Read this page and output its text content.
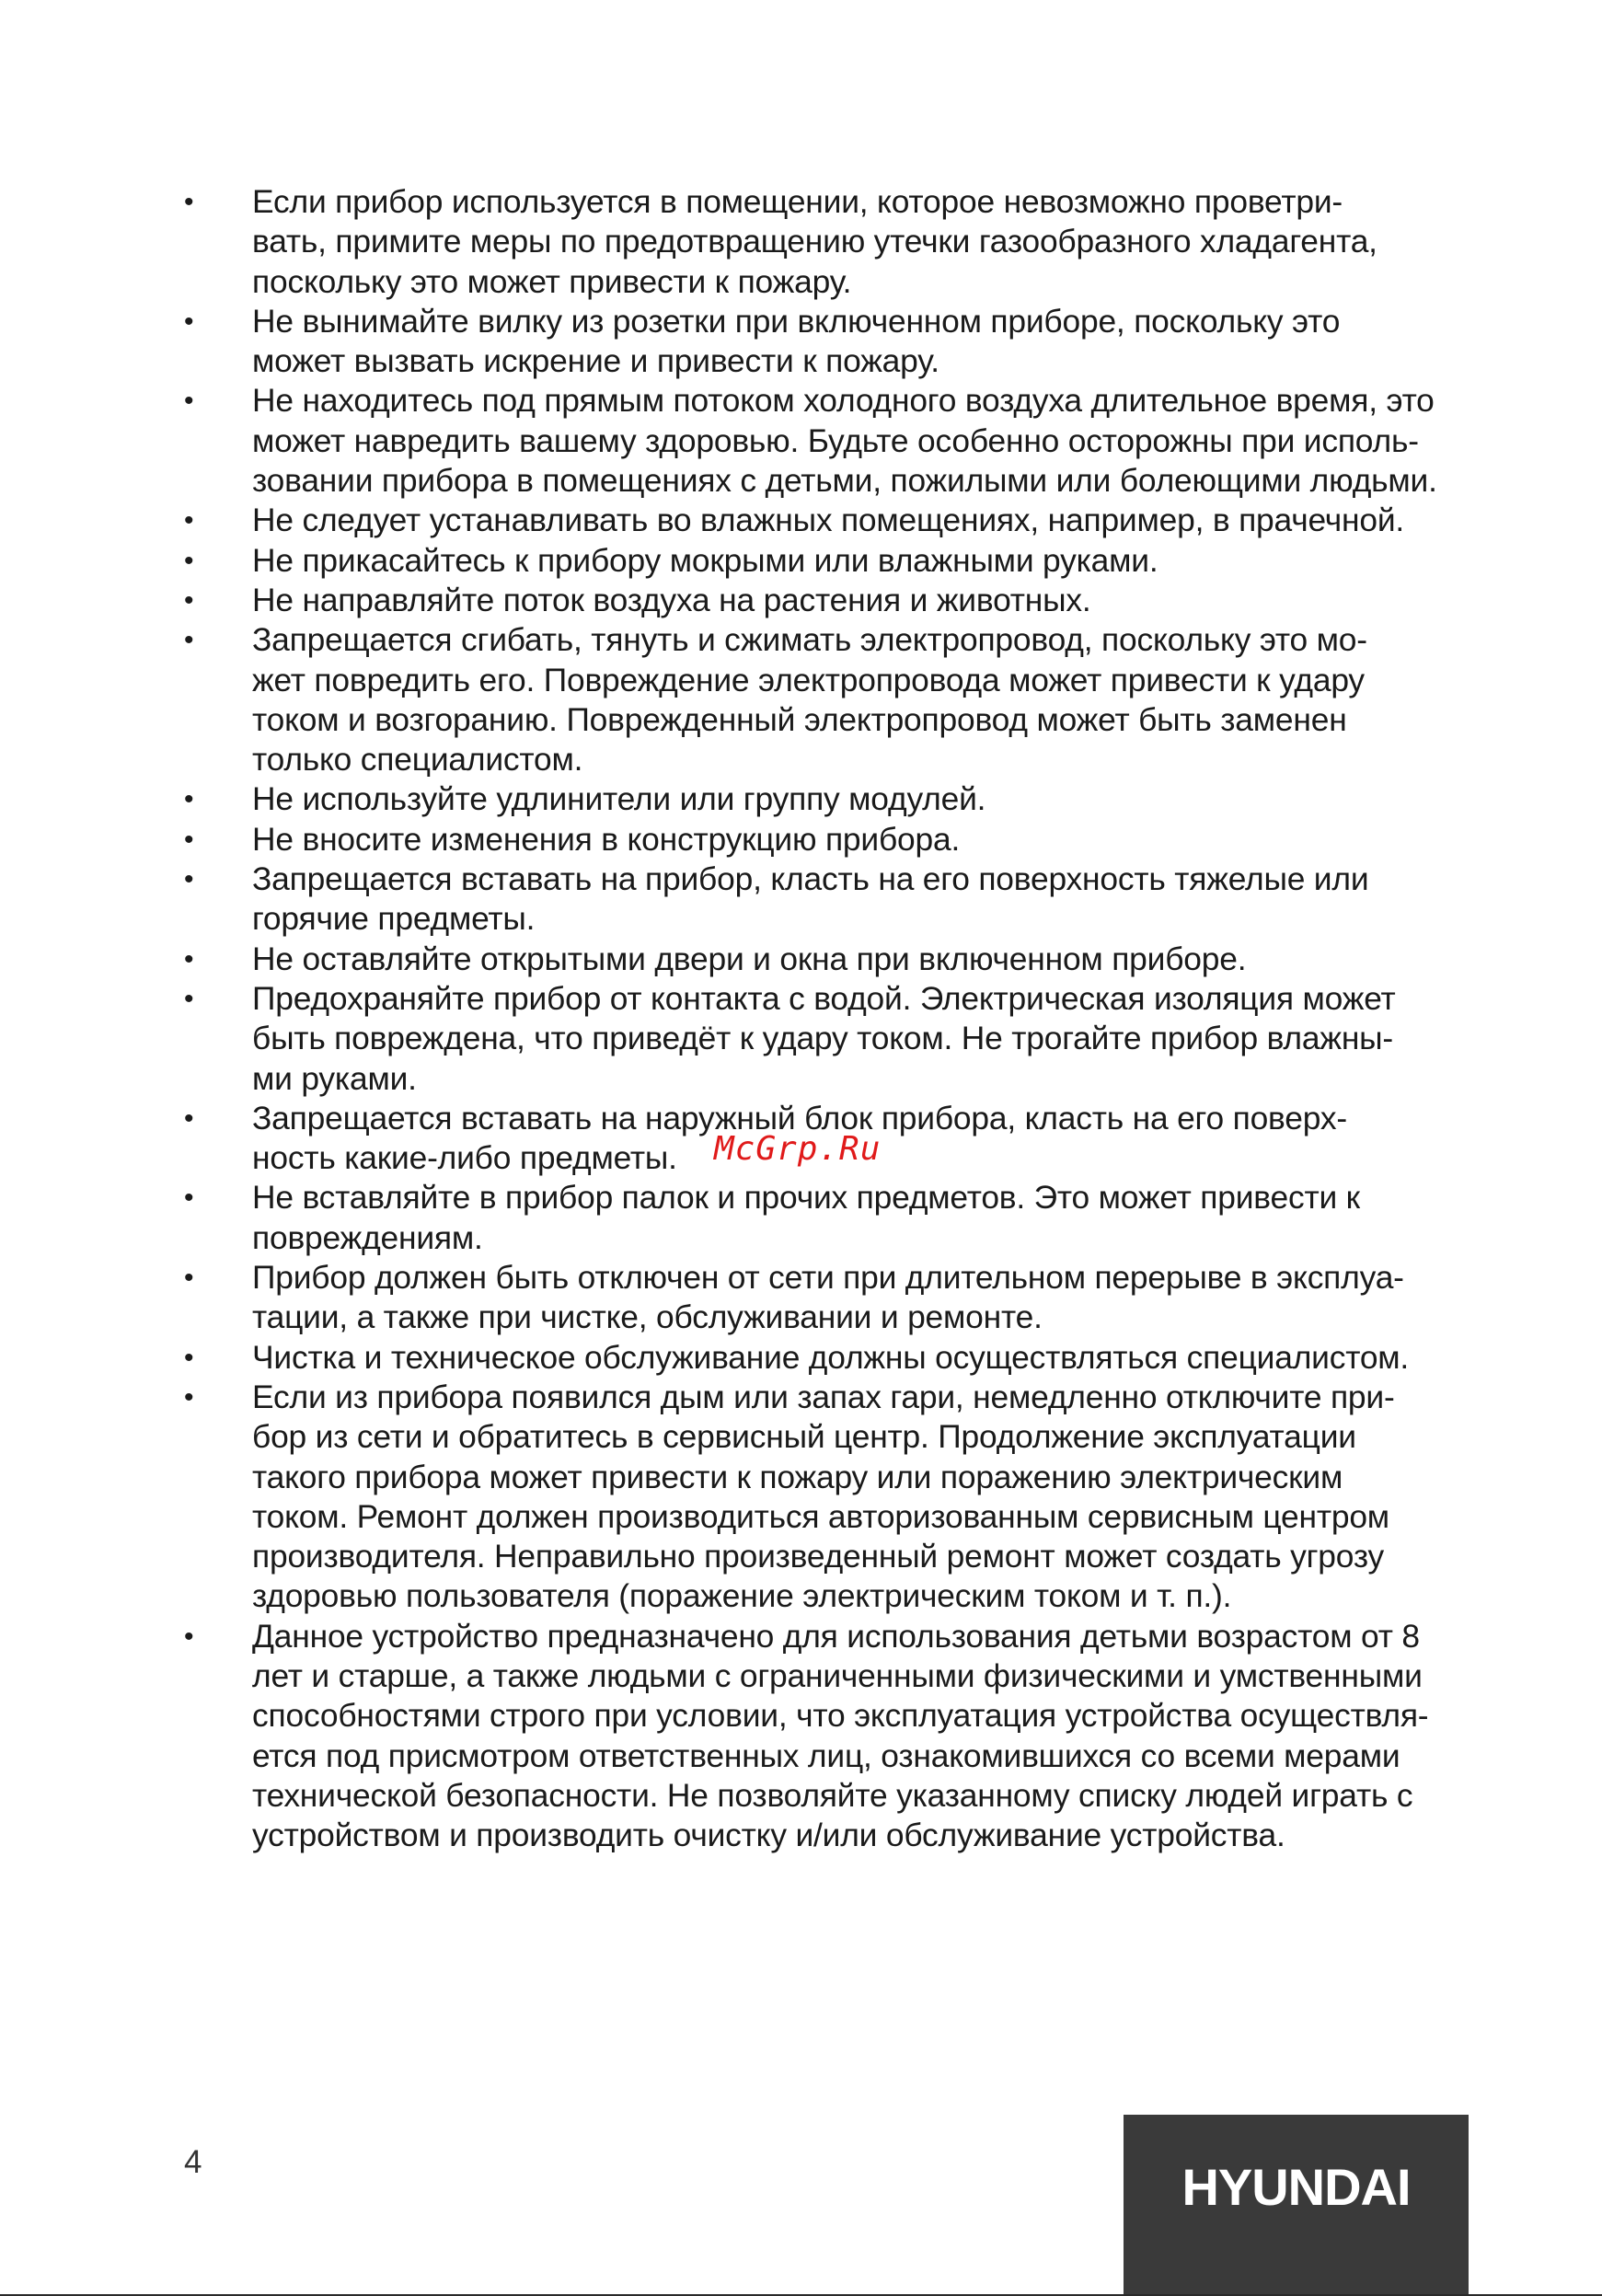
• Если прибор используется в помещении, которое невозможно проветри-
вать, примите меры по предотвращению утечки газообразного хладагента,
поскольку это может привести к пожару.
• Не вынимайте вилку из розетки при включенном приборе, поскольку это
может вызвать искрение и привести к пожару.
• Не находитесь под прямым потоком холодного воздуха длительное время, это
может навредить вашему здоровью. Будьте особенно осторожны при исполь-
зовании прибора в помещениях с детьми, пожилыми или болеющими людьми.
• Не следует устанавливать во влажных помещениях, например, в прачечной.
• Не прикасайтесь к прибору мокрыми или влажными руками.
• Не направляйте поток воздуха на растения и животных.
• Запрещается сгибать, тянуть и сжимать электропровод, поскольку это мо-
жет повредить его. Повреждение электропровода может привести к удару
током и возгоранию. Поврежденный электропровод может быть заменен
только специалистом.
• Не используйте удлинители или группу модулей.
• Не вносите изменения в конструкцию прибора.
• Запрещается вставать на прибор, класть на его поверхность тяжелые или
горячие предметы.
• Не оставляйте открытыми двери и окна при включенном приборе.
• Предохраняйте прибор от контакта с водой. Электрическая изоляция может
быть повреждена, что приведёт к удару током. Не трогайте прибор влажны-
ми руками.
• Запрещается вставать на наружный блок прибора, класть на его поверх-
ность какие-либо предметы.
• Не вставляйте в прибор палок и прочих предметов. Это может привести к
повреждениям.
• Прибор должен быть отключен от сети при длительном перерыве в эксплуа-
тации, а также при чистке, обслуживании и ремонте.
• Чистка и техническое обслуживание должны осуществляться специалистом.
• Если из прибора появился дым или запах гари, немедленно отключите при-
бор из сети и обратитесь в сервисный центр. Продолжение эксплуатации
такого прибора может привести к пожару или поражению электрическим
током. Ремонт должен производиться авторизованным сервисным центром
производителя. Неправильно произведенный ремонт может создать угрозу
здоровью пользователя (поражение электрическим током и т. п.).
• Данное устройство предназначено для использования детьми возрастом от 8
лет и старше, а также людьми с ограниченными физическими и умственными
способностями строго при условии, что эксплуатация устройства осуществля-
ется под присмотром ответственных лиц, ознакомившихся со всеми мерами
технической безопасности. Не позволяйте указанному списку людей играть с
устройством и производить очистку и/или обслуживание устройства.
McGrp.Ru
4	HYUNDAI
